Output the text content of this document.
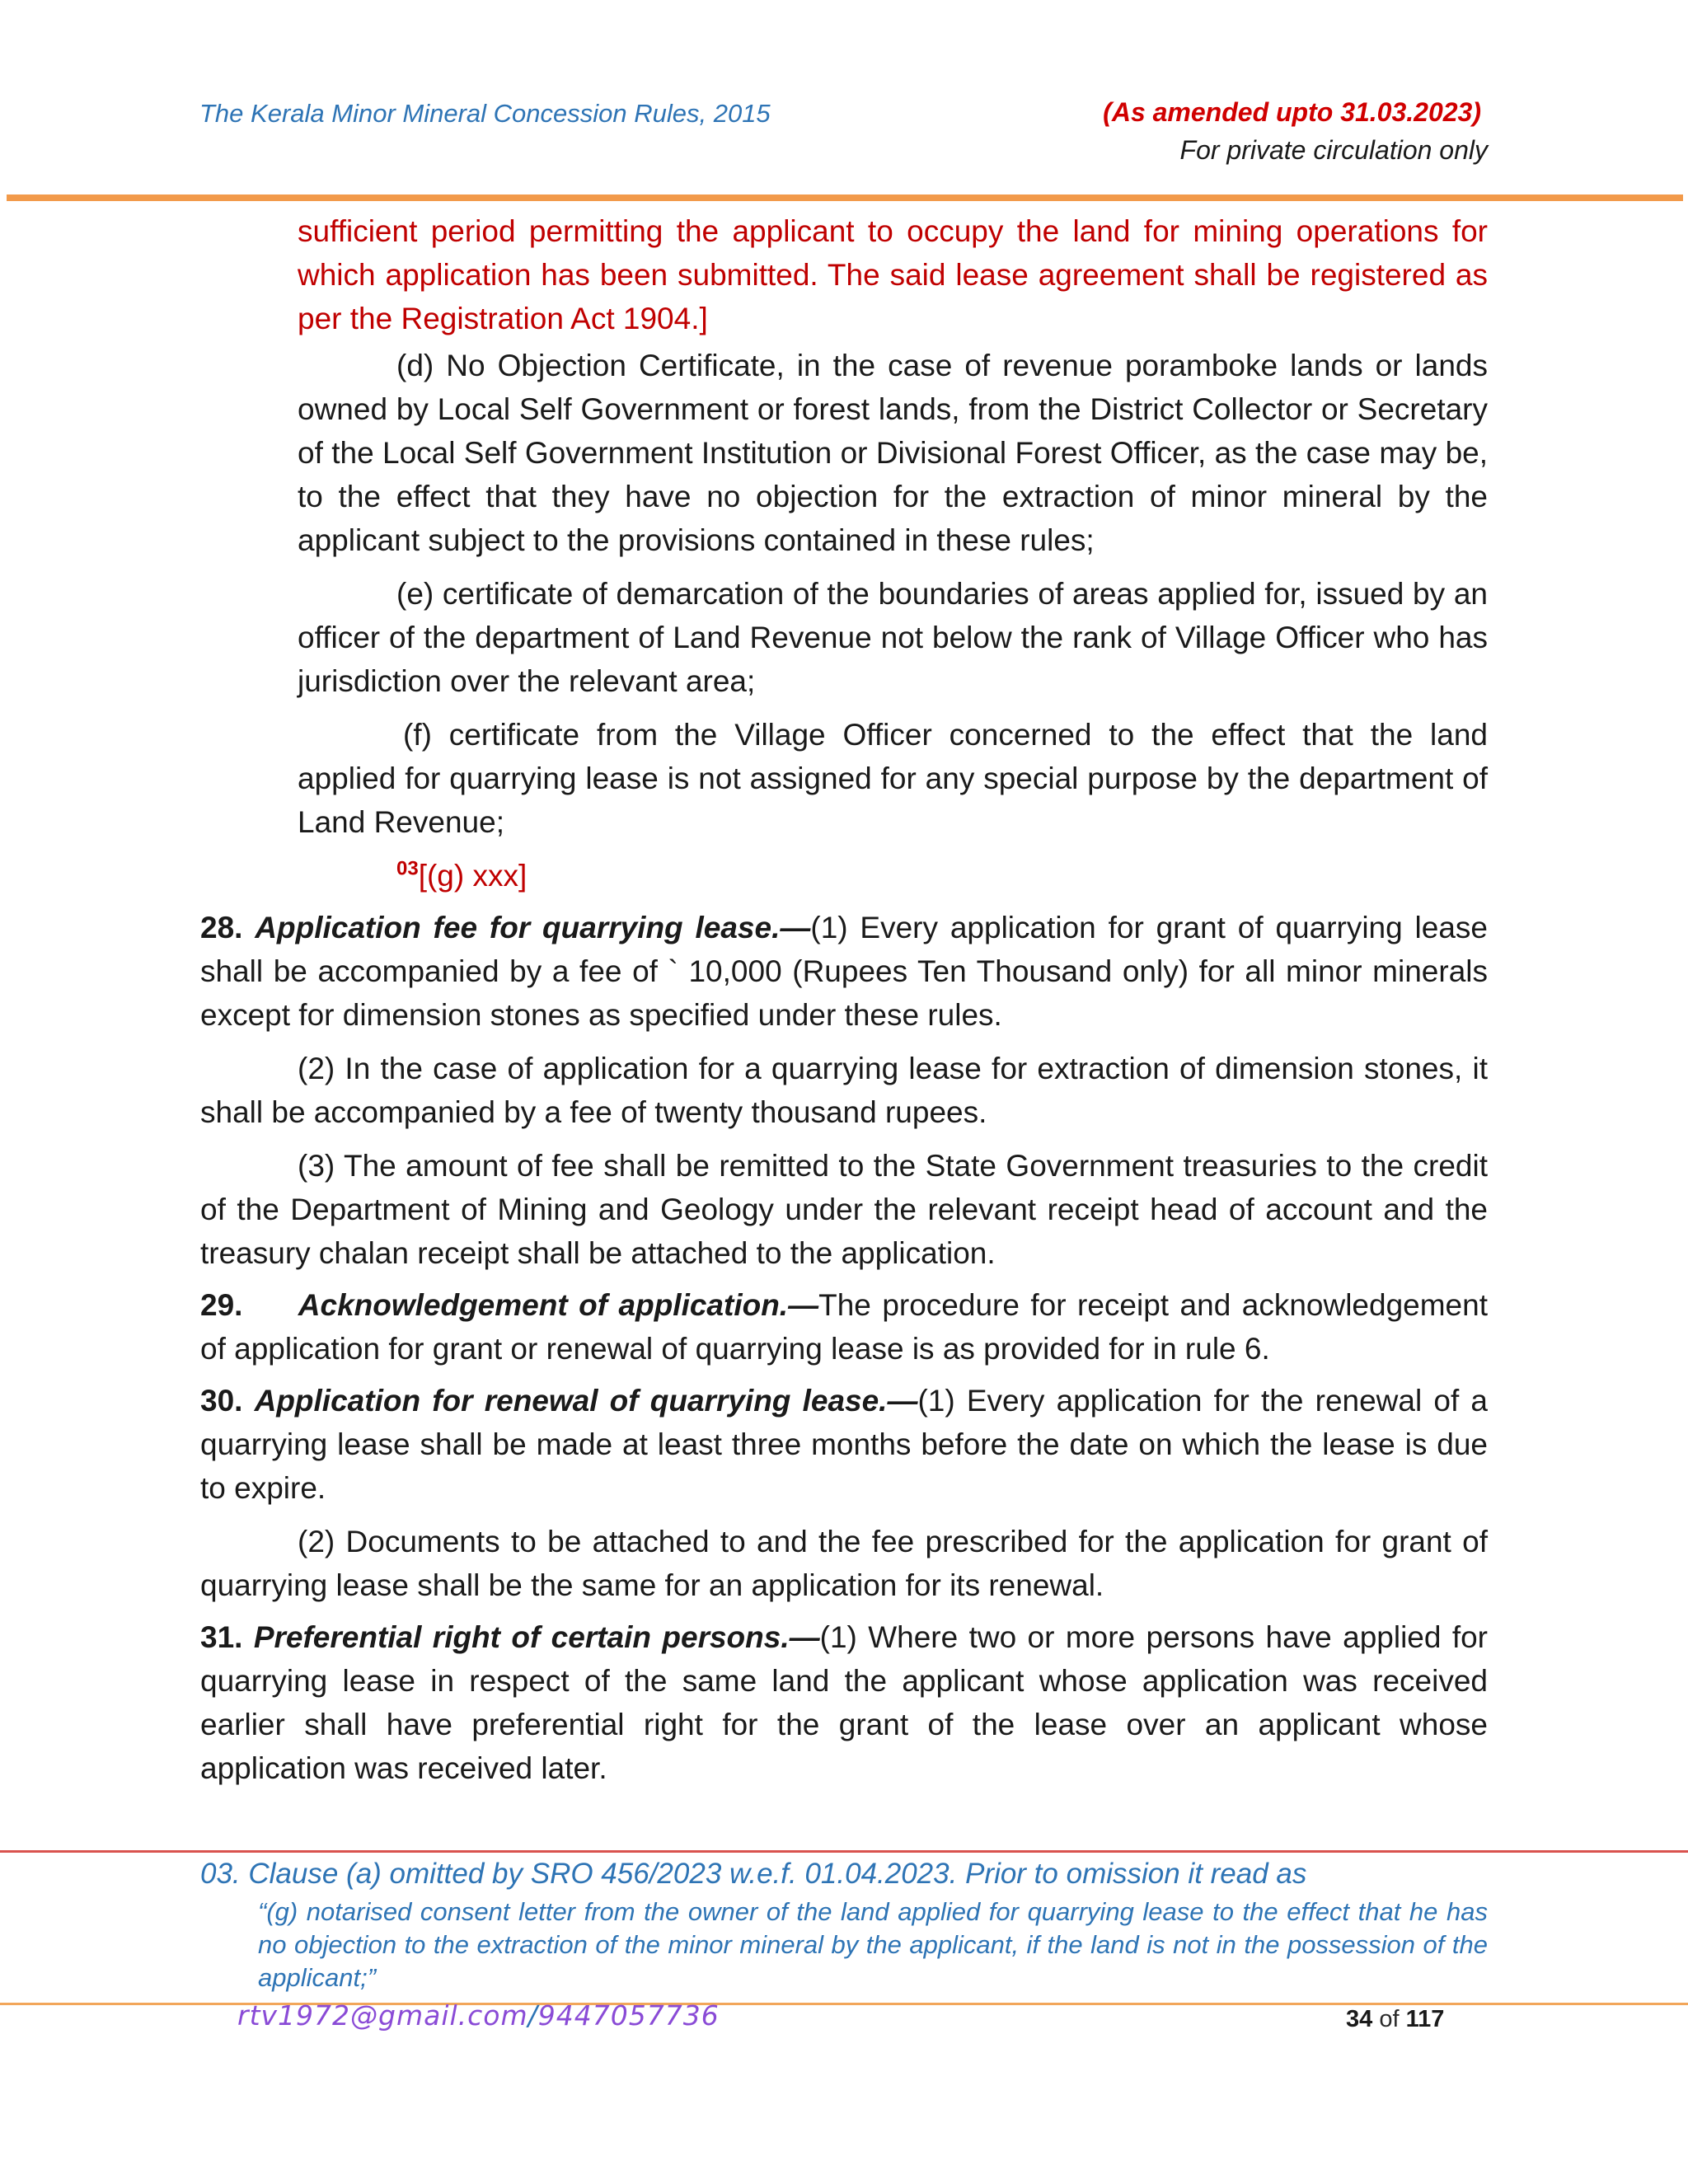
The Kerala Minor Mineral Concession Rules, 2015	(As amended upto 31.03.2023)
For private circulation only

sufficient period permitting the applicant to occupy the land for mining operations for which application has been submitted. The said lease agreement shall be registered as per the Registration Act 1904.]

(d) No Objection Certificate, in the case of revenue poramboke lands or lands owned by Local Self Government or forest lands, from the District Collector or Secretary of the Local Self Government Institution or Divisional Forest Officer, as the case may be, to the effect that they have no objection for the extraction of minor mineral by the applicant subject to the provisions contained in these rules;

(e) certificate of demarcation of the boundaries of areas applied for, issued by an officer of the department of Land Revenue not below the rank of Village Officer who has jurisdiction over the relevant area;

(f) certificate from the Village Officer concerned to the effect that the land applied for quarrying lease is not assigned for any special purpose by the department of Land Revenue;

$^{03}$[(g) xxx]

28. Application fee for quarrying lease.—(1) Every application for grant of quarrying lease shall be accompanied by a fee of ` 10,000 (Rupees Ten Thousand only) for all minor minerals except for dimension stones as specified under these rules.

(2) In the case of application for a quarrying lease for extraction of dimension stones, it shall be accompanied by a fee of twenty thousand rupees.

(3) The amount of fee shall be remitted to the State Government treasuries to the credit of the Department of Mining and Geology under the relevant receipt head of account and the treasury chalan receipt shall be attached to the application.

29. Acknowledgement of application.—The procedure for receipt and acknowledgement of application for grant or renewal of quarrying lease is as provided for in rule 6.

30. Application for renewal of quarrying lease.—(1) Every application for the renewal of a quarrying lease shall be made at least three months before the date on which the lease is due to expire.

(2) Documents to be attached to and the fee prescribed for the application for grant of quarrying lease shall be the same for an application for its renewal.

31. Preferential right of certain persons.—(1) Where two or more persons have applied for quarrying lease in respect of the same land the applicant whose application was received earlier shall have preferential right for the grant of the lease over an applicant whose application was received later.

03. Clause (a) omitted by SRO 456/2023 w.e.f. 01.04.2023. Prior to omission it read as
“(g) notarised consent letter from the owner of the land applied for quarrying lease to the effect that he has no objection to the extraction of the minor mineral by the applicant, if the land is not in the possession of the applicant;”
rtv1972@gmail.com/9447057736	34 of 117
